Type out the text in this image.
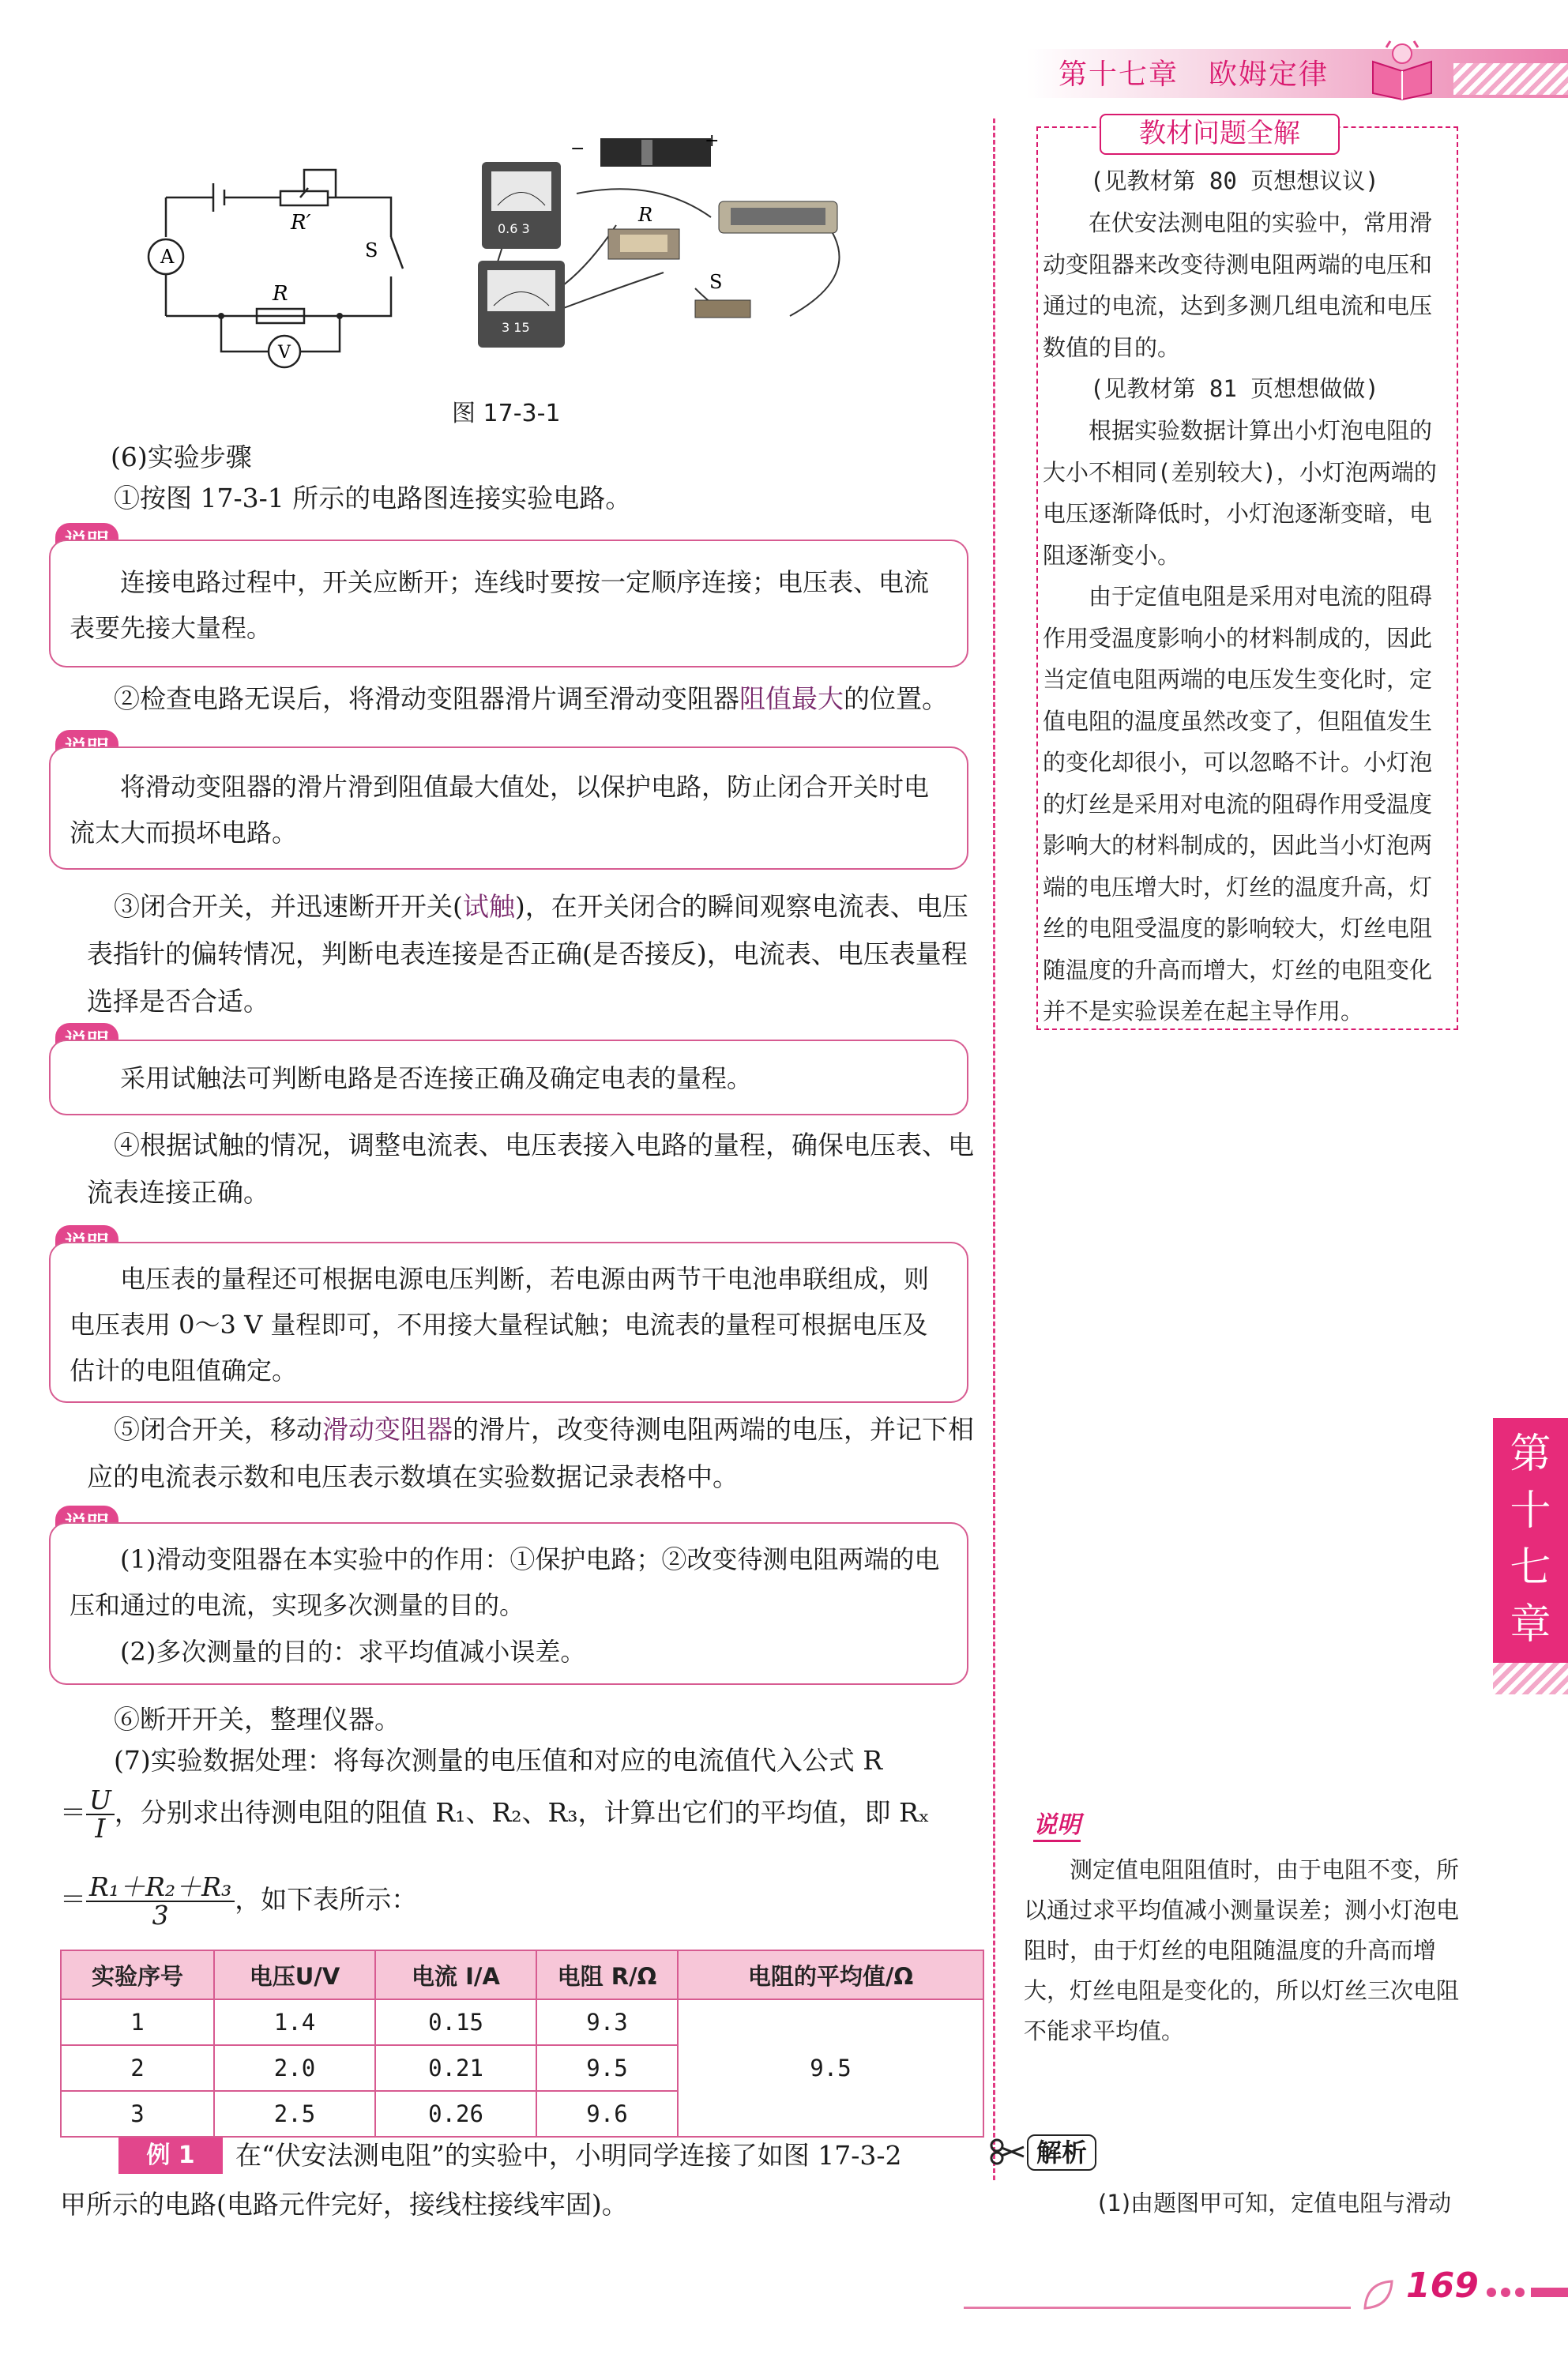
第十七章　欧姆定律
A
V
R′
R
S
−	+
0.6 3
3 15
R
S
图 17-3-1
(6)实验步骤
①按图 17-3-1 所示的电路图连接实验电路。
连接电路过程中，开关应断开；连线时要按一定顺序连接；电压表、电流表要先接大量程。
②检查电路无误后，将滑动变阻器滑片调至滑动变阻器阻值最大的位置。
将滑动变阻器的滑片滑到阻值最大值处，以保护电路，防止闭合开关时电流太大而损坏电路。
③闭合开关，并迅速断开开关(试触)，在开关闭合的瞬间观察电流表、电压表指针的偏转情况，判断电表连接是否正确(是否接反)，电流表、电压表量程选择是否合适。
采用试触法可判断电路是否连接正确及确定电表的量程。
④根据试触的情况，调整电流表、电压表接入电路的量程，确保电压表、电流表连接正确。
电压表的量程还可根据电源电压判断，若电源由两节干电池串联组成，则电压表用 0～3 V 量程即可，不用接大量程试触；电流表的量程可根据电压及估计的电阻值确定。
⑤闭合开关，移动滑动变阻器的滑片，改变待测电阻两端的电压，并记下相应的电流表示数和电压表示数填在实验数据记录表格中。
(1)滑动变阻器在本实验中的作用：①保护电路；②改变待测电阻两端的电压和通过的电流，实现多次测量的目的。
(2)多次测量的目的：求平均值减小误差。
⑥断开开关，整理仪器。
(7)实验数据处理：将每次测量的电压值和对应的电流值代入公式 R
＝ $\frac{U}{I}$ ，分别求出待测电阻的阻值 R₁、R₂、R₃，计算出它们的平均值，即 Rₓ
＝ $\frac{\text{R₁＋R₂＋R₃}}{3}$ ，如下表所示：
实验序号	电压U/V	电流 I/A	电阻 R/Ω	电阻的平均值/Ω
1	1.4	0.15	9.3	9.5
2	2.0	0.21	9.5	
3	2.5	0.26	9.6	
例 1	在“伏安法测电阻”的实验中，小明同学连接了如图 17-3-2
甲所示的电路(电路元件完好，接线柱接线牢固)。
教材问题全解
(见教材第 80 页想想议议)
在伏安法测电阻的实验中，常用滑动变阻器来改变待测电阻两端的电压和通过的电流，达到多测几组电流和电压数值的目的。
(见教材第 81 页想想做做)
根据实验数据计算出小灯泡电阻的大小不相同(差别较大)，小灯泡两端的电压逐渐降低时，小灯泡逐渐变暗，电阻逐渐变小。
由于定值电阻是采用对电流的阻碍作用受温度影响小的材料制成的，因此当定值电阻两端的电压发生变化时，定值电阻的温度虽然改变了，但阻值发生的变化却很小，可以忽略不计。小灯泡的灯丝是采用对电流的阻碍作用受温度影响大的材料制成的，因此当小灯泡两端的电压增大时，灯丝的温度升高，灯丝的电阻受温度的影响较大，灯丝电阻随温度的升高而增大，灯丝的电阻变化并不是实验误差在起主导作用。
第
十
七
章
说明
测定值电阻阻值时，由于电阻不变，所以通过求平均值减小测量误差；测小灯泡电阻时，由于灯丝的电阻随温度的升高而增大，灯丝电阻是变化的，所以灯丝三次电阻不能求平均值。
解析
(1)由题图甲可知，定值电阻与滑动
169
